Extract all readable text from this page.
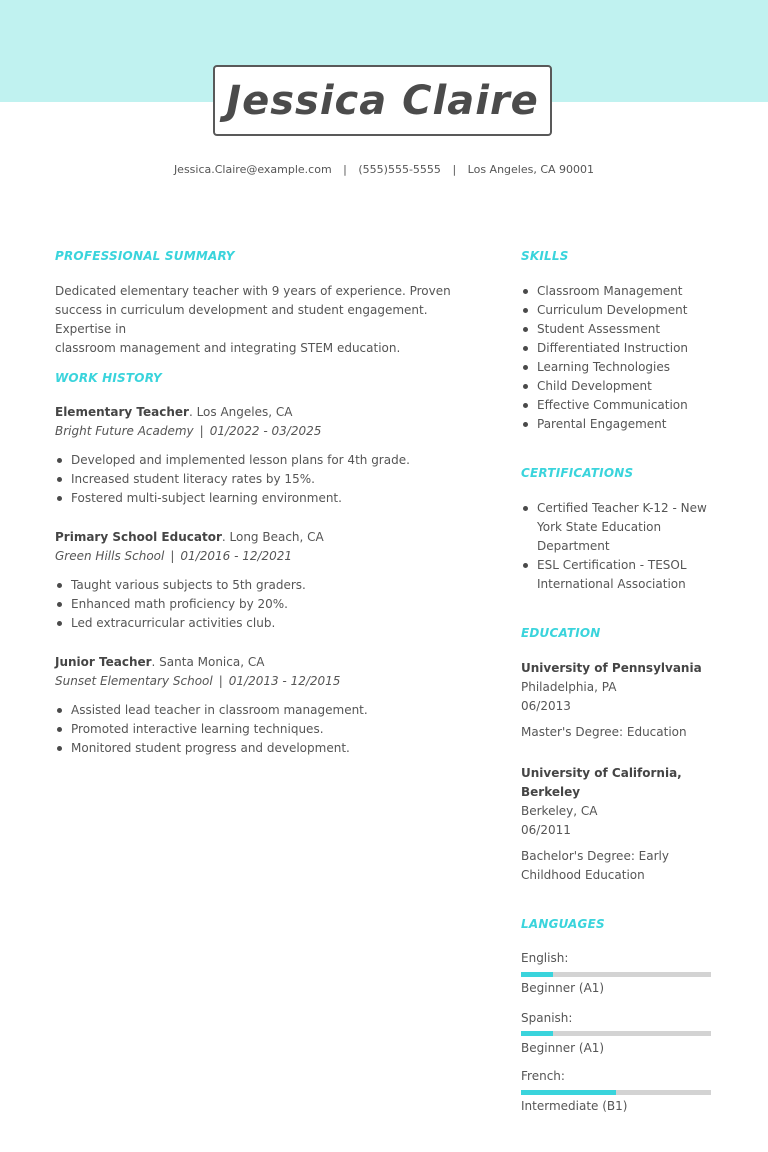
Jessica Claire
Jessica.Claire@example.com | (555)555-5555 | Los Angeles, CA 90001
PROFESSIONAL SUMMARY
Dedicated elementary teacher with 9 years of experience. Proven
success in curriculum development and student engagement. Expertise in
classroom management and integrating STEM education.
WORK HISTORY
Elementary Teacher. Los Angeles, CA
Bright Future Academy | 01/2022 - 03/2025
Developed and implemented lesson plans for 4th grade.
Increased student literacy rates by 15%.
Fostered multi-subject learning environment.
Primary School Educator. Long Beach, CA
Green Hills School | 01/2016 - 12/2021
Taught various subjects to 5th graders.
Enhanced math proficiency by 20%.
Led extracurricular activities club.
Junior Teacher. Santa Monica, CA
Sunset Elementary School | 01/2013 - 12/2015
Assisted lead teacher in classroom management.
Promoted interactive learning techniques.
Monitored student progress and development.
SKILLS
Classroom Management
Curriculum Development
Student Assessment
Differentiated Instruction
Learning Technologies
Child Development
Effective Communication
Parental Engagement
CERTIFICATIONS
Certified Teacher K-12 - New
York State Education
Department
ESL Certification - TESOL
International Association
EDUCATION
University of Pennsylvania
Philadelphia, PA
06/2013
Master's Degree: Education
University of California,
Berkeley
Berkeley, CA
06/2011
Bachelor's Degree: Early
Childhood Education
LANGUAGES
English:
Beginner (A1)
Spanish:
Beginner (A1)
French:
Intermediate (B1)
